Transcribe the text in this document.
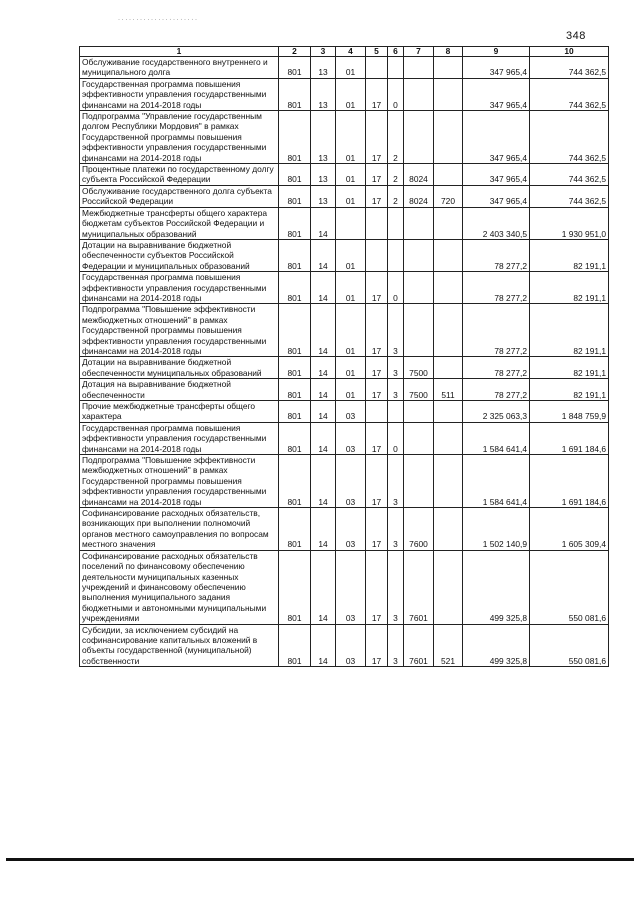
· · · · · · · · · · · · · · · · · · · · · ·
348
1	2	3	4	5	6	7	8	9	10
Обслуживание государственного внутреннего и муниципального долга	801	13	01					347 965,4	744 362,5
Государственная программа повышения эффективности управления государственными финансами на 2014-2018 годы	801	13	01	17	0			347 965,4	744 362,5
Подпрограмма "Управление государственным долгом Республики Мордовия" в рамках Государственной программы повышения эффективности управления государственными финансами на 2014-2018 годы	801	13	01	17	2			347 965,4	744 362,5
Процентные платежи по государственному долгу субъекта Российской Федерации	801	13	01	17	2	8024		347 965,4	744 362,5
Обслуживание государственного долга субъекта Российской Федерации	801	13	01	17	2	8024	720	347 965,4	744 362,5
Межбюджетные трансферты общего характера бюджетам субъектов Российской Федерации и муниципальных образований	801	14						2 403 340,5	1 930 951,0
Дотации на выравнивание бюджетной обеспеченности субъектов Российской Федерации и муниципальных образований	801	14	01					78 277,2	82 191,1
Государственная программа повышения эффективности управления государственными финансами на 2014-2018 годы	801	14	01	17	0			78 277,2	82 191,1
Подпрограмма "Повышение эффективности межбюджетных отношений" в рамках Государственной программы повышения эффективности управления государственными финансами на 2014-2018 годы	801	14	01	17	3			78 277,2	82 191,1
Дотации на выравнивание бюджетной обеспеченности муниципальных образований	801	14	01	17	3	7500		78 277,2	82 191,1
Дотация на выравнивание бюджетной обеспеченности	801	14	01	17	3	7500	511	78 277,2	82 191,1
Прочие межбюджетные трансферты общего характера	801	14	03					2 325 063,3	1 848 759,9
Государственная программа повышения эффективности управления государственными финансами на 2014-2018 годы	801	14	03	17	0			1 584 641,4	1 691 184,6
Подпрограмма "Повышение эффективности межбюджетных отношений" в рамках Государственной программы повышения эффективности управления государственными финансами на 2014-2018 годы	801	14	03	17	3			1 584 641,4	1 691 184,6
Софинансирование расходных обязательств, возникающих при выполнении полномочий органов местного самоуправления по вопросам местного значения	801	14	03	17	3	7600		1 502 140,9	1 605 309,4
Софинансирование расходных обязательств поселений по финансовому обеспечению деятельности муниципальных казенных учреждений и финансовому обеспечению выполнения муниципального задания бюджетными и автономными муниципальными учреждениями	801	14	03	17	3	7601		499 325,8	550 081,6
Субсидии, за исключением субсидий на софинансирование капитальных вложений в объекты государственной (муниципальной) собственности	801	14	03	17	3	7601	521	499 325,8	550 081,6
